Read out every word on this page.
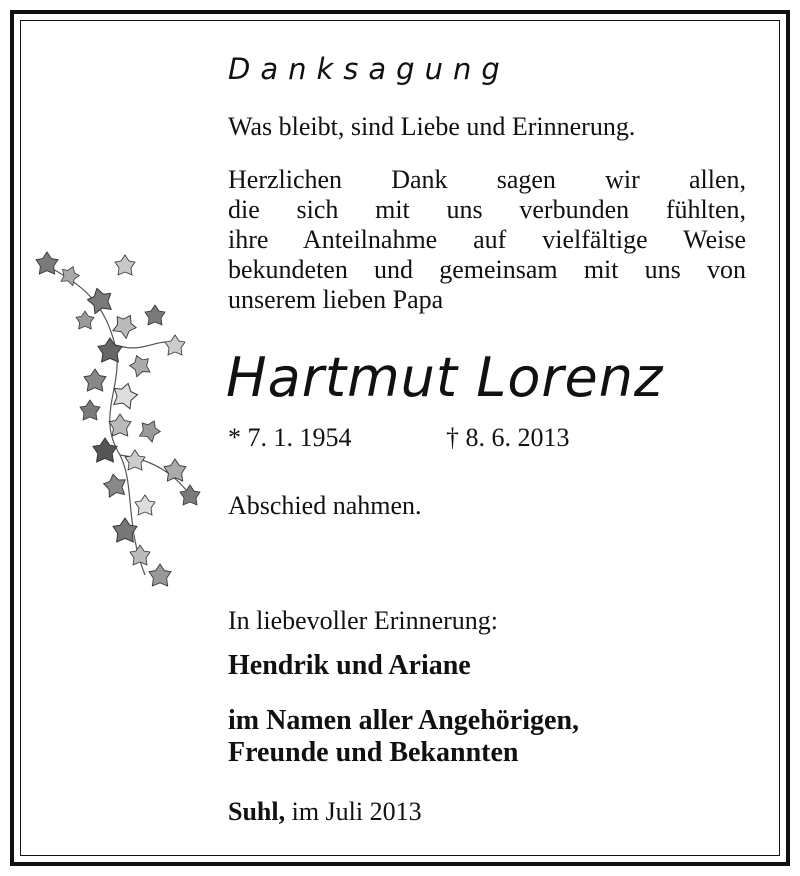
Danksagung
Was bleibt, sind Liebe und Erinnerung.
Herzlichen Dank sagen wir allen,
die sich mit uns verbunden fühlten,
ihre Anteilnahme auf vielfältige Weise
bekundeten und gemeinsam mit uns von
unserem lieben Papa
Hartmut Lorenz
* 7. 1. 1954	† 8. 6. 2013
Abschied nahmen.
In liebevoller Erinnerung:
Hendrik und Ariane
im Namen aller Angehörigen,
Freunde und Bekannten
Suhl, im Juli 2013
